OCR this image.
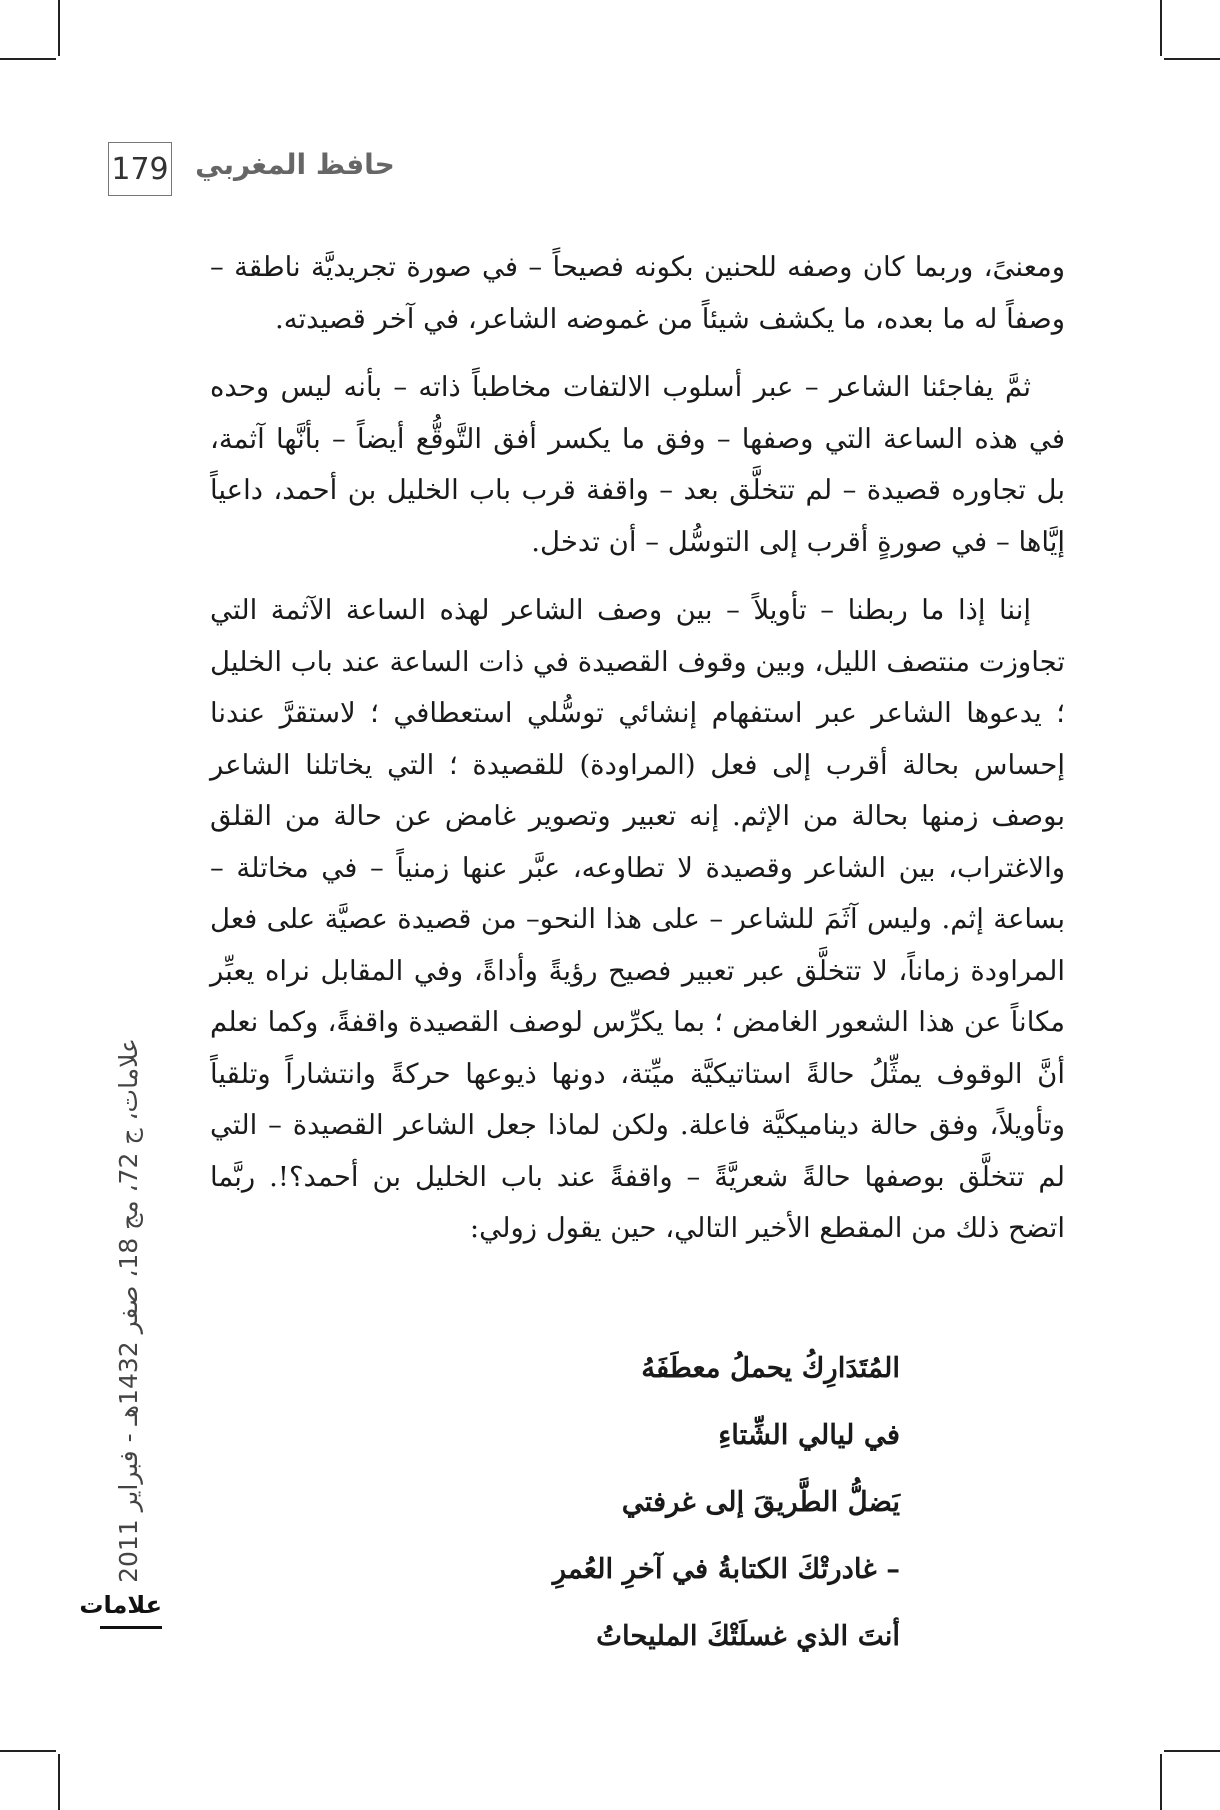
179 حافظ المغربي

ومعنىً، وربما كان وصفه للحنين بكونه فصيحاً – في صورة تجريديَّة ناطقة – وصفاً له ما بعده، ما يكشف شيئاً من غموضه الشاعر، في آخر قصيدته.

ثمَّ يفاجئنا الشاعر – عبر أسلوب الالتفات مخاطباً ذاته – بأنه ليس وحده في هذه الساعة التي وصفها – وفق ما يكسر أفق التَّوقُّع أيضاً – بأنَّها آثمة، بل تجاوره قصيدة – لم تتخلَّق بعد – واقفة قرب باب الخليل بن أحمد، داعياً إيَّاها – في صورةٍ أقرب إلى التوسُّل – أن تدخل.

إننا إذا ما ربطنا – تأويلاً – بين وصف الشاعر لهذه الساعة الآثمة التي تجاوزت منتصف الليل، وبين وقوف القصيدة في ذات الساعة عند باب الخليل ؛ يدعوها الشاعر عبر استفهام إنشائي توسُّلي استعطافي ؛ لاستقرَّ عندنا إحساس بحالة أقرب إلى فعل (المراودة) للقصيدة ؛ التي يخاتلنا الشاعر بوصف زمنها بحالة من الإثم. إنه تعبير وتصوير غامض عن حالة من القلق والاغتراب، بين الشاعر وقصيدة لا تطاوعه، عبَّر عنها زمنياً – في مخاتلة – بساعة إثم. وليس آثَمَ للشاعر – على هذا النحو– من قصيدة عصيَّة على فعل المراودة زماناً، لا تتخلَّق عبر تعبير فصيح رؤيةً وأداةً، وفي المقابل نراه يعبِّر مكاناً عن هذا الشعور الغامض ؛ بما يكرِّس لوصف القصيدة واقفةً، وكما نعلم أنَّ الوقوف يمثِّلُ حالةً استاتيكيَّة ميِّتة، دونها ذيوعها حركةً وانتشاراً وتلقياً وتأويلاً، وفق حالة ديناميكيَّة فاعلة. ولكن لماذا جعل الشاعر القصيدة – التي لم تتخلَّق بوصفها حالةً شعريَّةً – واقفةً عند باب الخليل بن أحمد؟!. ربَّما اتضح ذلك من المقطع الأخير التالي، حين يقول زولي:

المُتَدَارِكُ يحملُ معطَفَهُ
في ليالي الشِّتاءِ
يَضلُّ الطَّريقَ إلى غرفتي
– غادرتْكَ الكتابةُ في آخرِ العُمرِ
أنتَ الذي غسلَتْكَ المليحاتُ
علامات، ج 72، مج 18، صفر 1432هـ - فبراير 2011
علامات
